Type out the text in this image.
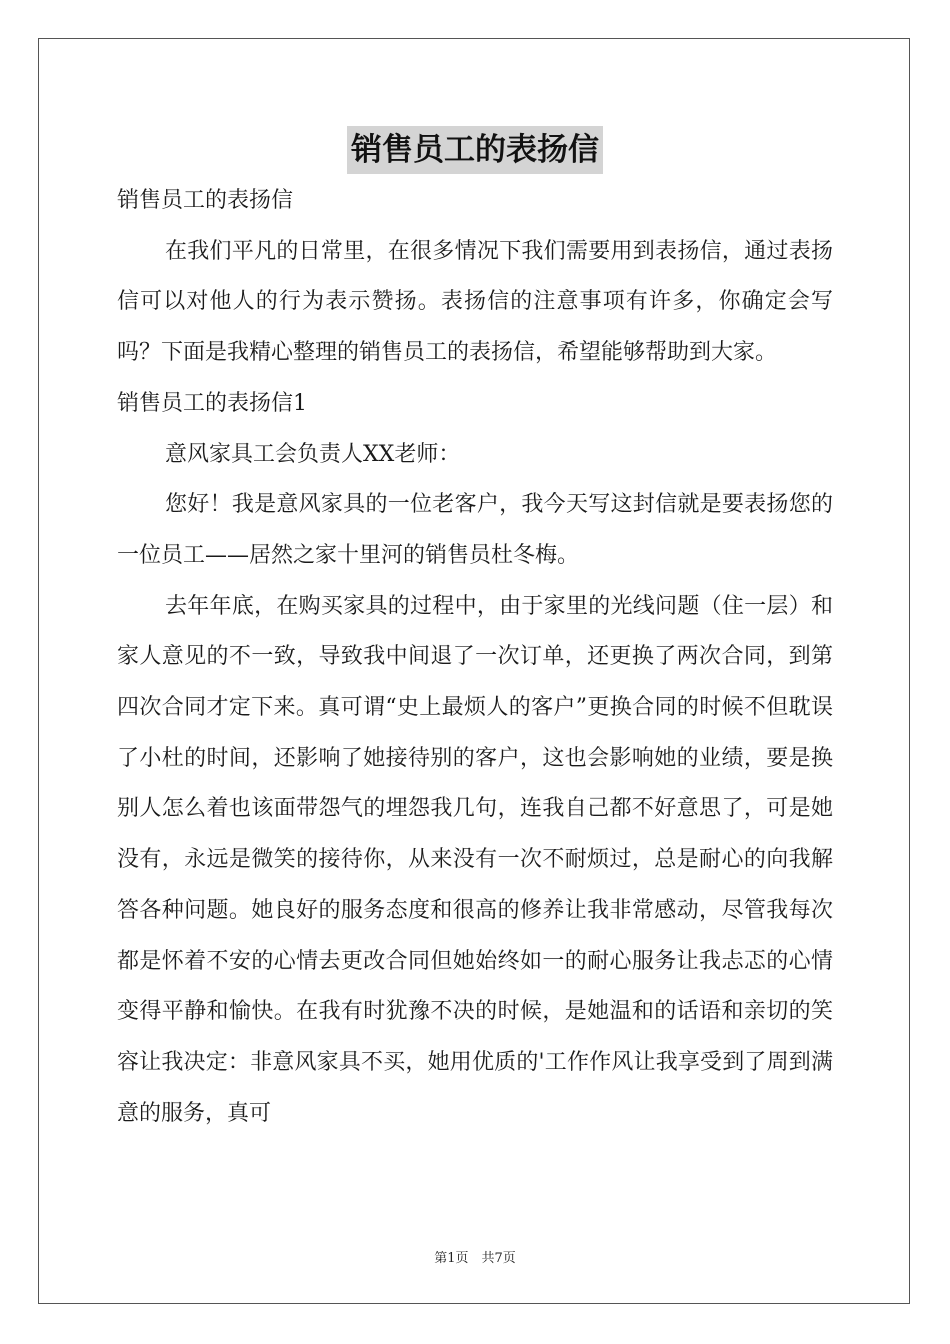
销售员工的表扬信

销售员工的表扬信

在我们平凡的日常里，在很多情况下我们需要用到表扬信，通过表扬信可以对他人的行为表示赞扬。表扬信的注意事项有许多，你确定会写吗？下面是我精心整理的销售员工的表扬信，希望能够帮助到大家。

销售员工的表扬信1

意风家具工会负责人XX老师：

您好！我是意风家具的一位老客户，我今天写这封信就是要表扬您的一位员工——居然之家十里河的销售员杜冬梅。

去年年底，在购买家具的过程中，由于家里的光线问题（住一层）和家人意见的不一致，导致我中间退了一次订单，还更换了两次合同，到第四次合同才定下来。真可谓“史上最烦人的客户”更换合同的时候不但耽误了小杜的时间，还影响了她接待别的客户，这也会影响她的业绩，要是换别人怎么着也该面带怨气的埋怨我几句，连我自己都不好意思了，可是她没有，永远是微笑的接待你，从来没有一次不耐烦过，总是耐心的向我解答各种问题。她良好的服务态度和很高的修养让我非常感动，尽管我每次都是怀着不安的心情去更改合同但她始终如一的耐心服务让我忐忑的心情变得平静和愉快。在我有时犹豫不决的时候，是她温和的话语和亲切的笑容让我决定：非意风家具不买，她用优质的'工作作风让我享受到了周到满意的服务，真可

第1页　共7页
